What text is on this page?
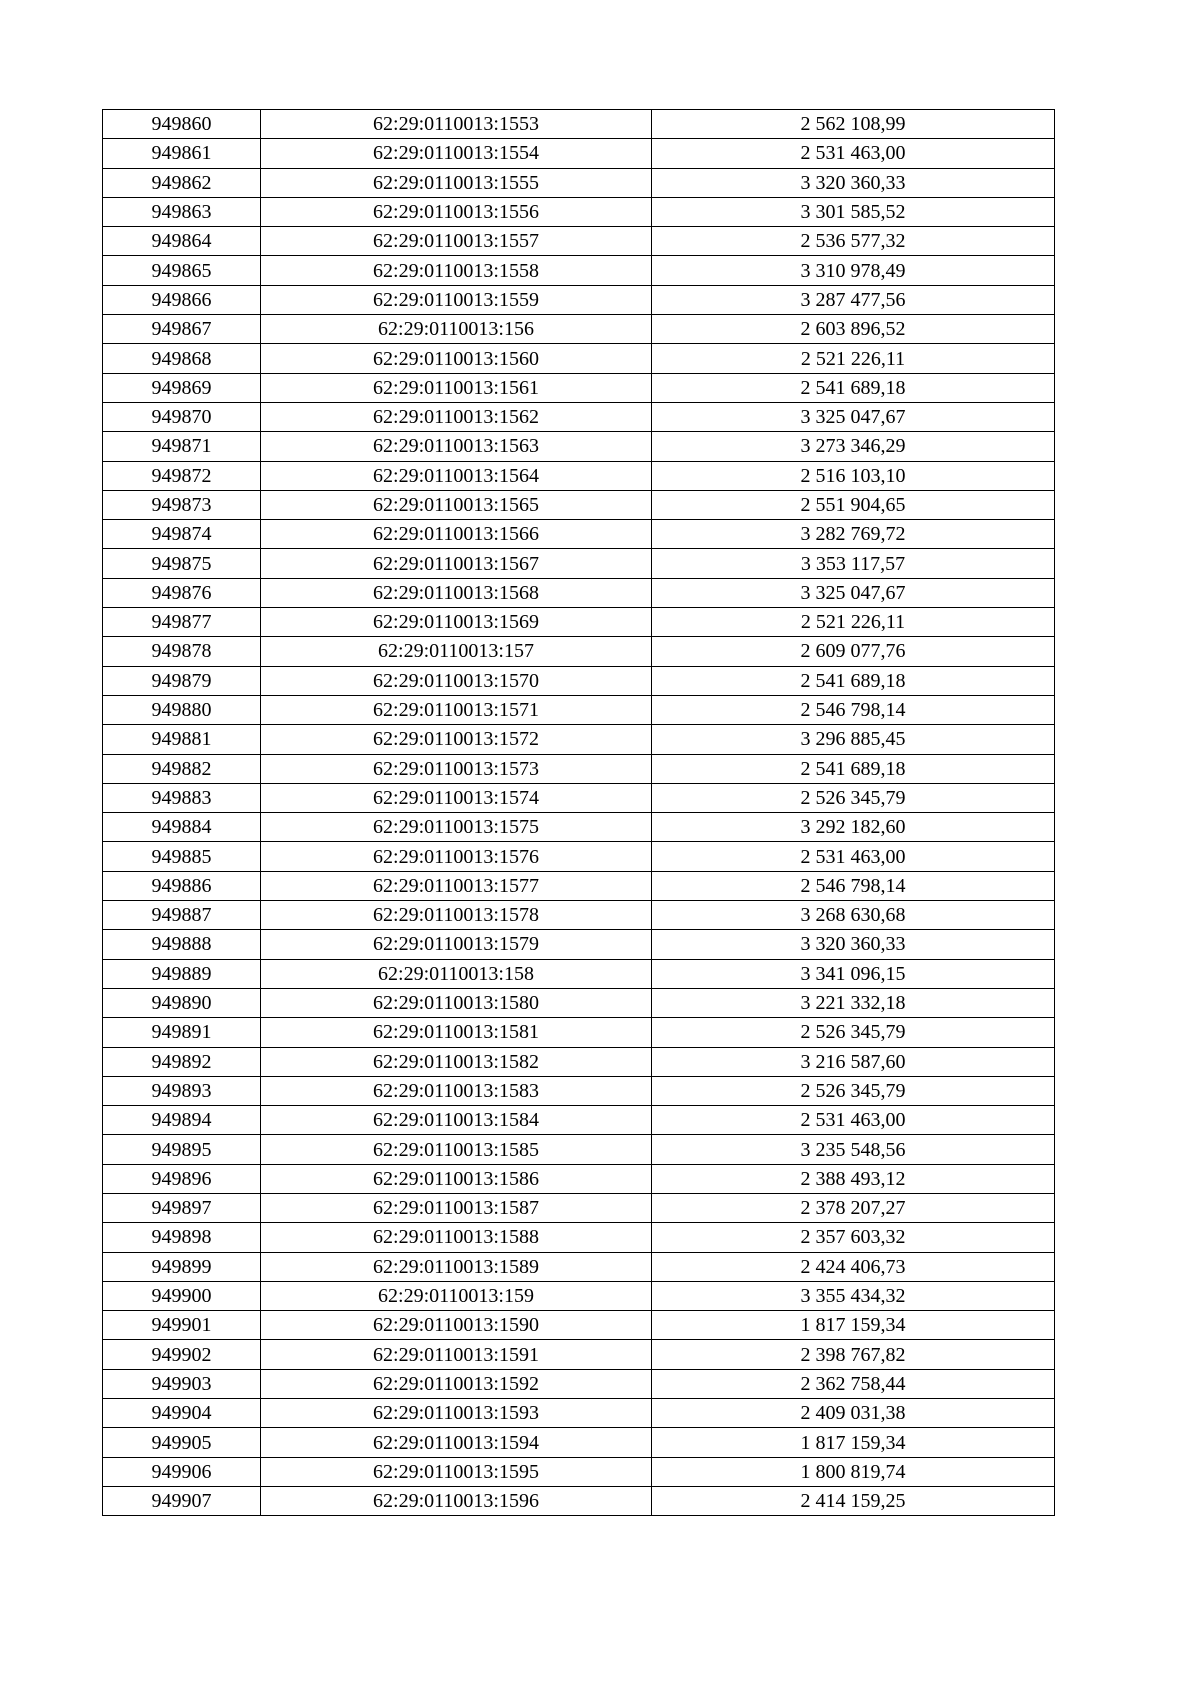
949860	62:29:0110013:1553	2 562 108,99
949861	62:29:0110013:1554	2 531 463,00
949862	62:29:0110013:1555	3 320 360,33
949863	62:29:0110013:1556	3 301 585,52
949864	62:29:0110013:1557	2 536 577,32
949865	62:29:0110013:1558	3 310 978,49
949866	62:29:0110013:1559	3 287 477,56
949867	62:29:0110013:156	2 603 896,52
949868	62:29:0110013:1560	2 521 226,11
949869	62:29:0110013:1561	2 541 689,18
949870	62:29:0110013:1562	3 325 047,67
949871	62:29:0110013:1563	3 273 346,29
949872	62:29:0110013:1564	2 516 103,10
949873	62:29:0110013:1565	2 551 904,65
949874	62:29:0110013:1566	3 282 769,72
949875	62:29:0110013:1567	3 353 117,57
949876	62:29:0110013:1568	3 325 047,67
949877	62:29:0110013:1569	2 521 226,11
949878	62:29:0110013:157	2 609 077,76
949879	62:29:0110013:1570	2 541 689,18
949880	62:29:0110013:1571	2 546 798,14
949881	62:29:0110013:1572	3 296 885,45
949882	62:29:0110013:1573	2 541 689,18
949883	62:29:0110013:1574	2 526 345,79
949884	62:29:0110013:1575	3 292 182,60
949885	62:29:0110013:1576	2 531 463,00
949886	62:29:0110013:1577	2 546 798,14
949887	62:29:0110013:1578	3 268 630,68
949888	62:29:0110013:1579	3 320 360,33
949889	62:29:0110013:158	3 341 096,15
949890	62:29:0110013:1580	3 221 332,18
949891	62:29:0110013:1581	2 526 345,79
949892	62:29:0110013:1582	3 216 587,60
949893	62:29:0110013:1583	2 526 345,79
949894	62:29:0110013:1584	2 531 463,00
949895	62:29:0110013:1585	3 235 548,56
949896	62:29:0110013:1586	2 388 493,12
949897	62:29:0110013:1587	2 378 207,27
949898	62:29:0110013:1588	2 357 603,32
949899	62:29:0110013:1589	2 424 406,73
949900	62:29:0110013:159	3 355 434,32
949901	62:29:0110013:1590	1 817 159,34
949902	62:29:0110013:1591	2 398 767,82
949903	62:29:0110013:1592	2 362 758,44
949904	62:29:0110013:1593	2 409 031,38
949905	62:29:0110013:1594	1 817 159,34
949906	62:29:0110013:1595	1 800 819,74
949907	62:29:0110013:1596	2 414 159,25
